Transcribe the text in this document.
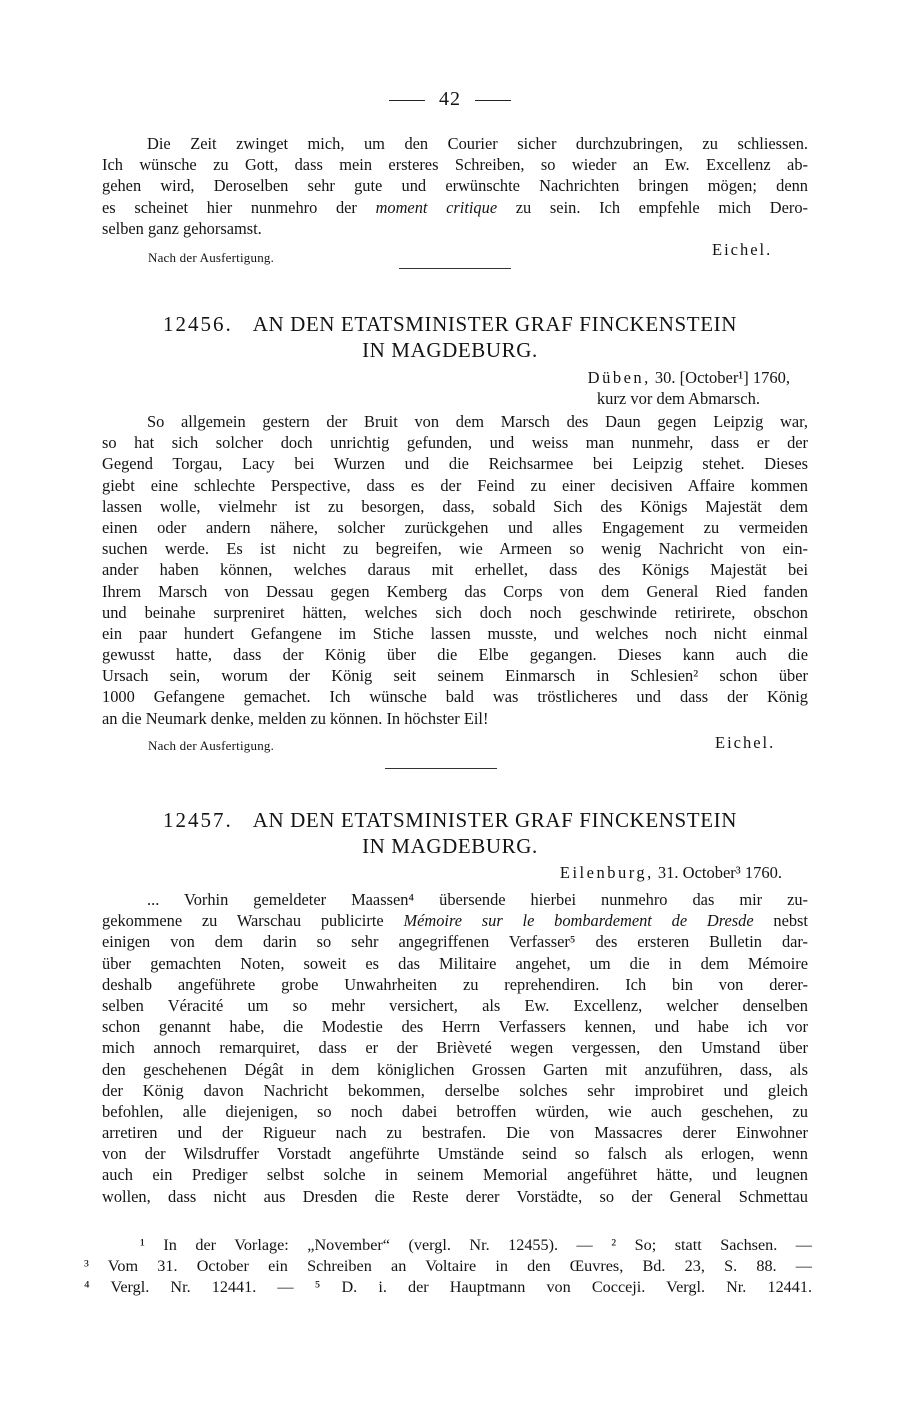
42
Die Zeit zwinget mich, um den Courier sicher durchzubringen, zu schliessen.
Ich wünsche zu Gott, dass mein ersteres Schreiben, so wieder an Ew. Excellenz ab-
gehen wird, Deroselben sehr gute und erwünschte Nachrichten bringen mögen; denn
es scheinet hier nunmehro der moment critique zu sein. Ich empfehle mich Dero-
selben ganz gehorsamst.
Nach der Ausfertigung.	Eichel.
12456. AN DEN ETATSMINISTER GRAF FINCKENSTEIN
IN MAGDEBURG.
Düben, 30. [October¹] 1760,
kurz vor dem Abmarsch.
So allgemein gestern der Bruit von dem Marsch des Daun gegen Leipzig war,
so hat sich solcher doch unrichtig gefunden, und weiss man nunmehr, dass er der
Gegend Torgau, Lacy bei Wurzen und die Reichsarmee bei Leipzig stehet. Dieses
giebt eine schlechte Perspective, dass es der Feind zu einer decisiven Affaire kommen
lassen wolle, vielmehr ist zu besorgen, dass, sobald Sich des Königs Majestät dem
einen oder andern nähere, solcher zurückgehen und alles Engagement zu vermeiden
suchen werde. Es ist nicht zu begreifen, wie Armeen so wenig Nachricht von ein-
ander haben können, welches daraus mit erhellet, dass des Königs Majestät bei
Ihrem Marsch von Dessau gegen Kemberg das Corps von dem General Ried fanden
und beinahe surpreniret hätten, welches sich doch noch geschwinde retirirete, obschon
ein paar hundert Gefangene im Stiche lassen musste, und welches noch nicht einmal
gewusst hatte, dass der König über die Elbe gegangen. Dieses kann auch die
Ursach sein, worum der König seit seinem Einmarsch in Schlesien² schon über
1000 Gefangene gemachet. Ich wünsche bald was tröstlicheres und dass der König
an die Neumark denke, melden zu können. In höchster Eil!
Nach der Ausfertigung.	Eichel.
12457. AN DEN ETATSMINISTER GRAF FINCKENSTEIN
IN MAGDEBURG.
Eilenburg, 31. October³ 1760.
... Vorhin gemeldeter Maassen⁴ übersende hierbei nunmehro das mir zu-
gekommene zu Warschau publicirte Mémoire sur le bombardement de Dresde nebst
einigen von dem darin so sehr angegriffenen Verfasser⁵ des ersteren Bulletin dar-
über gemachten Noten, soweit es das Militaire angehet, um die in dem Mémoire
deshalb angeführete grobe Unwahrheiten zu reprehendiren. Ich bin von derer-
selben Véracité um so mehr versichert, als Ew. Excellenz, welcher denselben
schon genannt habe, die Modestie des Herrn Verfassers kennen, und habe ich vor
mich annoch remarquiret, dass er der Brièveté wegen vergessen, den Umstand über
den geschehenen Dégât in dem königlichen Grossen Garten mit anzuführen, dass, als
der König davon Nachricht bekommen, derselbe solches sehr improbiret und gleich
befohlen, alle diejenigen, so noch dabei betroffen würden, wie auch geschehen, zu
arretiren und der Rigueur nach zu bestrafen. Die von Massacres derer Einwohner
von der Wilsdruffer Vorstadt angeführte Umstände seind so falsch als erlogen, wenn
auch ein Prediger selbst solche in seinem Memorial angeführet hätte, und leugnen
wollen, dass nicht aus Dresden die Reste derer Vorstädte, so der General Schmettau
¹ In der Vorlage: „November“ (vergl. Nr. 12455). — ² So; statt Sachsen. —
³ Vom 31. October ein Schreiben an Voltaire in den Œuvres, Bd. 23, S. 88. —
⁴ Vergl. Nr. 12441. — ⁵ D. i. der Hauptmann von Cocceji. Vergl. Nr. 12441.
